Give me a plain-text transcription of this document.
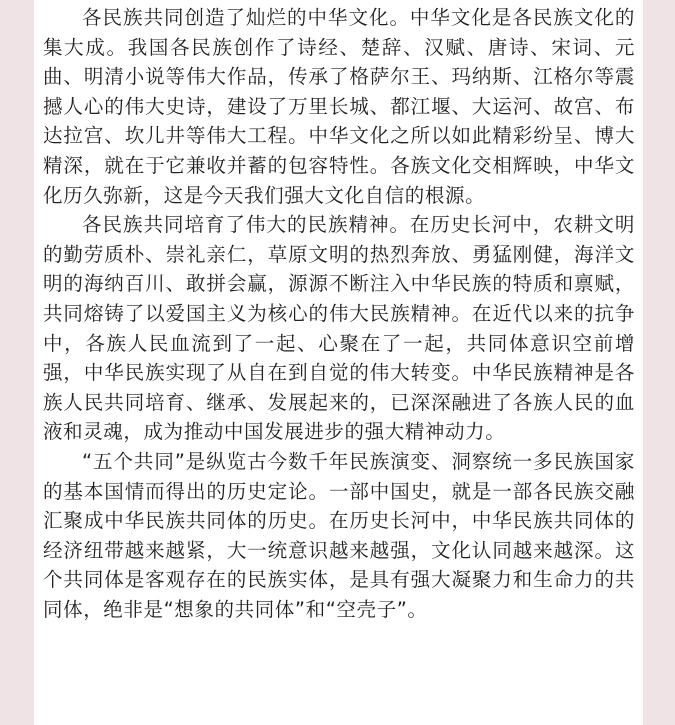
各民族共同创造了灿烂的中华文化。中华文化是各民族文化的集大成。我国各民族创作了诗经、楚辞、汉赋、唐诗、宋词、元曲、明清小说等伟大作品，传承了格萨尔王、玛纳斯、江格尔等震撼人心的伟大史诗，建设了万里长城、都江堰、大运河、故宫、布达拉宫、坎儿井等伟大工程。中华文化之所以如此精彩纷呈、博大精深，就在于它兼收并蓄的包容特性。各族文化交相辉映，中华文化历久弥新，这是今天我们强大文化自信的根源。

各民族共同培育了伟大的民族精神。在历史长河中，农耕文明的勤劳质朴、崇礼亲仁，草原文明的热烈奔放、勇猛刚健，海洋文明的海纳百川、敢拼会赢，源源不断注入中华民族的特质和禀赋，共同熔铸了以爱国主义为核心的伟大民族精神。在近代以来的抗争中，各族人民血流到了一起、心聚在了一起，共同体意识空前增强，中华民族实现了从自在到自觉的伟大转变。中华民族精神是各族人民共同培育、继承、发展起来的，已深深融进了各族人民的血液和灵魂，成为推动中国发展进步的强大精神动力。

“五个共同”是纵览古今数千年民族演变、洞察统一多民族国家的基本国情而得出的历史定论。一部中国史，就是一部各民族交融汇聚成中华民族共同体的历史。在历史长河中，中华民族共同体的经济纽带越来越紧，大一统意识越来越强，文化认同越来越深。这个共同体是客观存在的民族实体，是具有强大凝聚力和生命力的共同体，绝非是“想象的共同体”和“空壳子”。
